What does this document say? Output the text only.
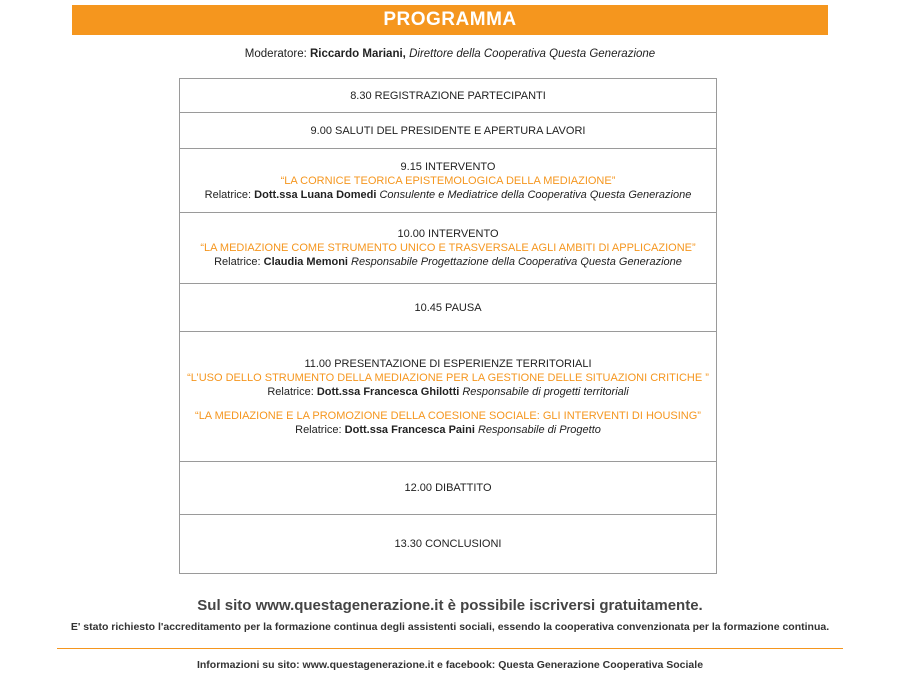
PROGRAMMA
Moderatore: Riccardo Mariani, Direttore della Cooperativa Questa Generazione
8.30 REGISTRAZIONE PARTECIPANTI
9.00 SALUTI DEL PRESIDENTE E APERTURA LAVORI
9.15 INTERVENTO
“LA CORNICE TEORICA EPISTEMOLOGICA DELLA MEDIAZIONE”
Relatrice: Dott.ssa Luana Domedi Consulente e Mediatrice della Cooperativa Questa Generazione
10.00 INTERVENTO
“LA MEDIAZIONE COME STRUMENTO UNICO E TRASVERSALE AGLI AMBITI DI APPLICAZIONE”
Relatrice: Claudia Memoni Responsabile Progettazione della Cooperativa Questa Generazione
10.45 PAUSA
11.00 PRESENTAZIONE DI ESPERIENZE TERRITORIALI
“L’USO DELLO STRUMENTO DELLA MEDIAZIONE PER LA GESTIONE DELLE SITUAZIONI CRITICHE ”
Relatrice: Dott.ssa Francesca Ghilotti Responsabile di progetti territoriali
“LA MEDIAZIONE E LA PROMOZIONE DELLA COESIONE SOCIALE: GLI INTERVENTI DI HOUSING”
Relatrice: Dott.ssa Francesca Paini Responsabile di Progetto
12.00 DIBATTITO
13.30 CONCLUSIONI
Sul sito www.questagenerazione.it è possibile iscriversi gratuitamente.
E' stato richiesto l'accreditamento per la formazione continua degli assistenti sociali, essendo la cooperativa convenzionata per la formazione continua.
Informazioni su sito: www.questagenerazione.it e facebook: Questa Generazione Cooperativa Sociale
